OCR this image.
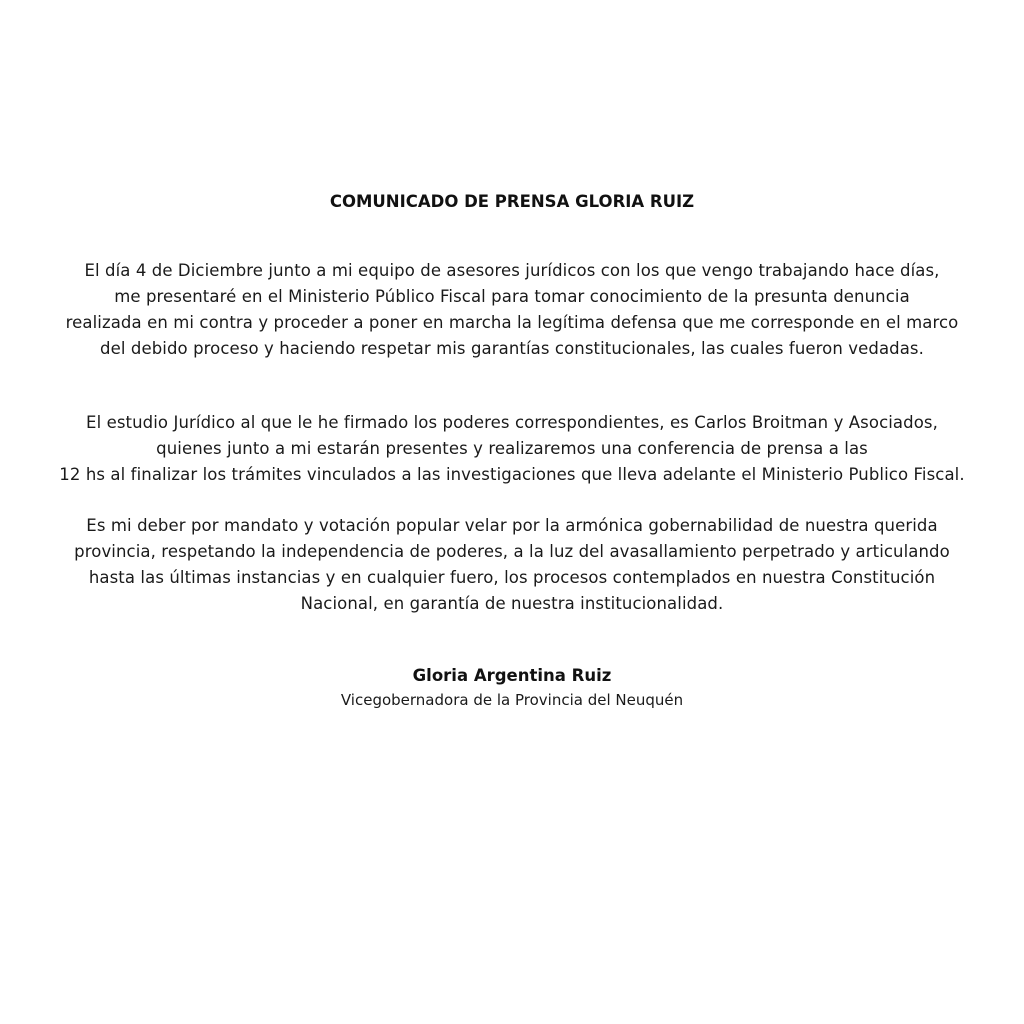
COMUNICADO DE PRENSA GLORIA RUIZ
El día 4 de Diciembre junto a mi equipo de asesores jurídicos con los que vengo trabajando hace días,
me presentaré en el Ministerio Público Fiscal para tomar conocimiento de la presunta denuncia
realizada en mi contra y proceder a poner en marcha la legítima defensa que me corresponde en el marco
del debido proceso y haciendo respetar mis garantías constitucionales, las cuales fueron vedadas.
El estudio Jurídico al que le he firmado los poderes correspondientes, es Carlos Broitman y Asociados,
quienes junto a mi estarán presentes y realizaremos una conferencia de prensa a las
12 hs al finalizar los trámites vinculados a las investigaciones que lleva adelante el Ministerio Publico Fiscal.
Es mi deber por mandato y votación popular velar por la armónica gobernabilidad de nuestra querida
provincia, respetando la independencia de poderes, a la luz del avasallamiento perpetrado y articulando
hasta las últimas instancias y en cualquier fuero, los procesos contemplados en nuestra Constitución
Nacional, en garantía de nuestra institucionalidad.
Gloria Argentina Ruiz
Vicegobernadora de la Provincia del Neuquén
